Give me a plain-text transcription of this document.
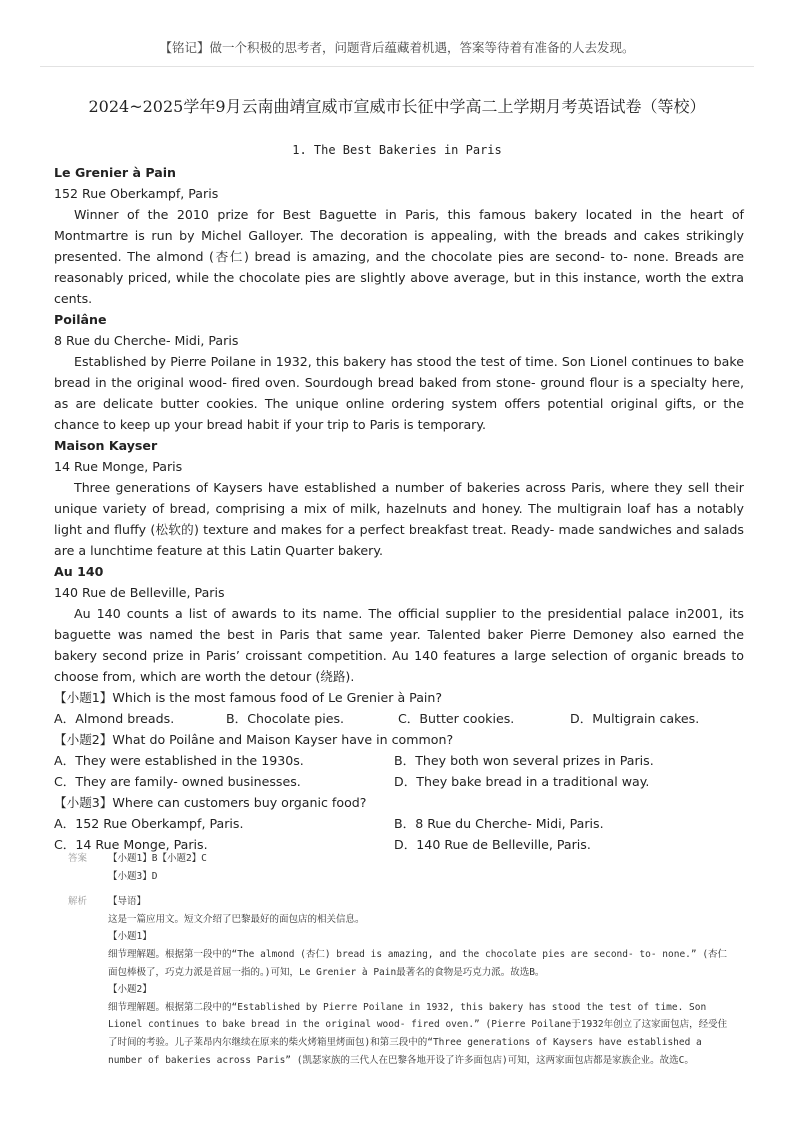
【铭记】做一个积极的思考者，问题背后蕴藏着机遇，答案等待着有准备的人去发现。
2024~2025学年9月云南曲靖宣威市宣威市长征中学高二上学期月考英语试卷（等校）
1. The Best Bakeries in Paris

Le Grenier à Pain

152 Rue Oberkampf, Paris

Winner of the 2010 prize for Best Baguette in Paris, this famous bakery located in the heart of Montmartre is run by Michel Galloyer. The decoration is appealing, with the breads and cakes strikingly presented. The almond (杏仁) bread is amazing, and the chocolate pies are second- to- none. Breads are reasonably priced, while the chocolate pies are slightly above average, but in this instance, worth the extra cents.

Poilâne

8 Rue du Cherche- Midi, Paris

Established by Pierre Poilane in 1932, this bakery has stood the test of time. Son Lionel continues to bake bread in the original wood- fired oven. Sourdough bread baked from stone- ground flour is a specialty here, as are delicate butter cookies. The unique online ordering system offers potential original gifts, or the chance to keep up your bread habit if your trip to Paris is temporary.

Maison Kayser

14 Rue Monge, Paris

Three generations of Kaysers have established a number of bakeries across Paris, where they sell their unique variety of bread, comprising a mix of milk, hazelnuts and honey. The multigrain loaf has a notably light and fluffy (松软的) texture and makes for a perfect breakfast treat. Ready- made sandwiches and salads are a lunchtime feature at this Latin Quarter bakery.

Au 140

140 Rue de Belleville, Paris

Au 140 counts a list of awards to its name. The official supplier to the presidential palace in2001, its baguette was named the best in Paris that same year. Talented baker Pierre Demoney also earned the bakery second prize in Paris’ croissant competition. Au 140 features a large selection of organic breads to choose from, which are worth the detour (绕路).

【小题1】Which is the most famous food of Le Grenier à Pain?

A．Almond breads.	B．Chocolate pies.	C．Butter cookies.	D．Multigrain cakes.

【小题2】What do Poilâne and Maison Kayser have in common?

A．They were established in the 1930s.	B．They both won several prizes in Paris.
C．They are family- owned businesses.	D．They bake bread in a traditional way.

【小题3】Where can customers buy organic food?

A．152 Rue Oberkampf, Paris.	B．8 Rue du Cherche- Midi, Paris.
C．14 Rue Monge, Paris.	D．140 Rue de Belleville, Paris.
答案	【小题1】B【小题2】C

【小题3】D

解析	【导语】

这是一篇应用文。短文介绍了巴黎最好的面包店的相关信息。

【小题1】

细节理解题。根据第一段中的“The almond (杏仁) bread is amazing, and the chocolate pies are second- to- none.” (杏仁面包棒极了，巧克力派是首屈一指的。)可知，Le Grenier à Pain最著名的食物是巧克力派。故选B。

【小题2】

细节理解题。根据第二段中的“Established by Pierre Poilane in 1932, this bakery has stood the test of time. Son Lionel continues to bake bread in the original wood- fired oven.” (Pierre Poilane于1932年创立了这家面包店，经受住了时间的考验。儿子莱昂内尔继续在原来的柴火烤箱里烤面包)和第三段中的“Three generations of Kaysers have established a number of bakeries across Paris” (凯瑟家族的三代人在巴黎各地开设了许多面包店)可知，这两家面包店都是家族企业。故选C。
